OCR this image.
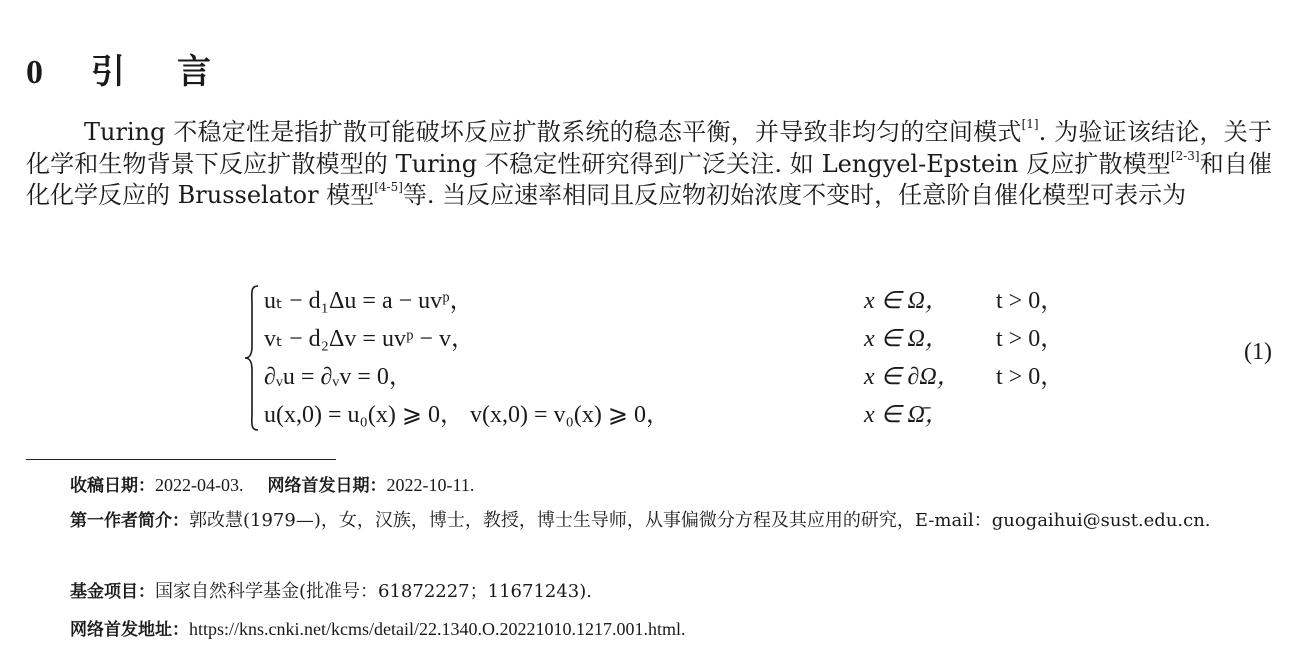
0 引 言
Turing 不稳定性是指扩散可能破坏反应扩散系统的稳态平衡，并导致非均匀的空间模式[1]. 为验证该结论，关于化学和生物背景下反应扩散模型的 Turing 不稳定性研究得到广泛关注. 如 Lengyel-Epstein 反应扩散模型[2-3]和自催化化学反应的 Brusselator 模型[4-5]等. 当反应速率相同且反应物初始浓度不变时，任意阶自催化模型可表示为
uₜ − d₁Δu = a − uvᵖ，	x ∈ Ω， t > 0，
vₜ − d₂Δv = uvᵖ − v，	x ∈ Ω， t > 0，
∂ᵥu = ∂ᵥv = 0，	x ∈ ∂Ω， t > 0，
u(x,0) = u₀(x) ⩾ 0， v(x,0) = v₀(x) ⩾ 0，	x ∈ Ω̄，
(1)
收稿日期：2022-04-03. 网络首发日期：2022-10-11.
第一作者简介：郭改慧(1979—)，女，汉族，博士，教授，博士生导师，从事偏微分方程及其应用的研究，E-mail：guogaihui@sust.edu.cn.
基金项目：国家自然科学基金(批准号：61872227；11671243).
网络首发地址：https://kns.cnki.net/kcms/detail/22.1340.O.20221010.1217.001.html.
